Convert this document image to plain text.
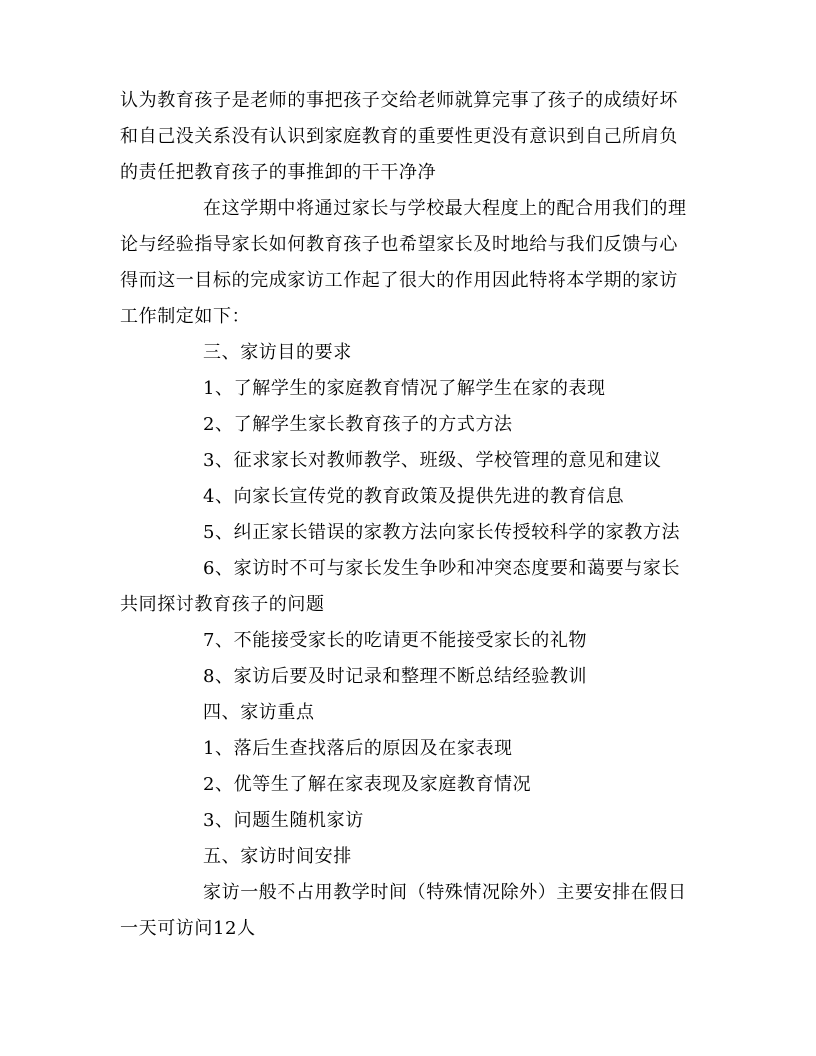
认为教育孩子是老师的事把孩子交给老师就算完事了孩子的成绩好坏
和自己没关系没有认识到家庭教育的重要性更没有意识到自己所肩负
的责任把教育孩子的事推卸的干干净净
在这学期中将通过家长与学校最大程度上的配合用我们的理
论与经验指导家长如何教育孩子也希望家长及时地给与我们反馈与心
得而这一目标的完成家访工作起了很大的作用因此特将本学期的家访
工作制定如下：
三、家访目的要求
1、了解学生的家庭教育情况了解学生在家的表现
2、了解学生家长教育孩子的方式方法
3、征求家长对教师教学、班级、学校管理的意见和建议
4、向家长宣传党的教育政策及提供先进的教育信息
5、纠正家长错误的家教方法向家长传授较科学的家教方法
6、家访时不可与家长发生争吵和冲突态度要和蔼要与家长
共同探讨教育孩子的问题
7、不能接受家长的吃请更不能接受家长的礼物
8、家访后要及时记录和整理不断总结经验教训
四、家访重点
1、落后生查找落后的原因及在家表现
2、优等生了解在家表现及家庭教育情况
3、问题生随机家访
五、家访时间安排
家访一般不占用教学时间（特殊情况除外）主要安排在假日
一天可访问12人
